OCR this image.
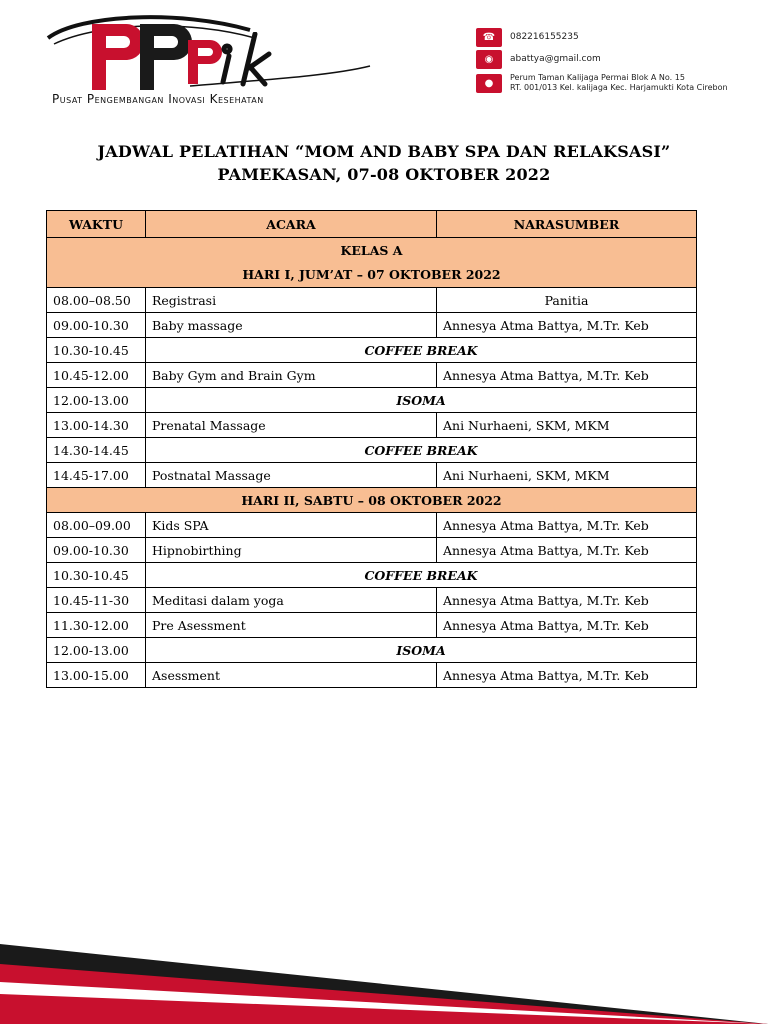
Pusat Pengembangan Inovasi Kesehatan
☎	082216155235
◉	abattya@gmail.com
●	Perum Taman Kalijaga Permai Blok A No. 15
RT. 001/013 Kel. kalijaga Kec. Harjamukti Kota Cirebon
JADWAL PELATIHAN “MOM AND BABY SPA DAN RELAKSASI”
PAMEKASAN, 07-08 OKTOBER 2022
WAKTU	ACARA	NARASUMBER
KELAS A		
HARI I, JUM’AT – 07 OKTOBER 2022		
08.00–08.50	Registrasi	Panitia
09.00-10.30	Baby massage	Annesya Atma Battya, M.Tr. Keb
10.30-10.45	COFFEE BREAK	
10.45-12.00	Baby Gym and Brain Gym	Annesya Atma Battya, M.Tr. Keb
12.00-13.00	ISOMA	
13.00-14.30	Prenatal Massage	Ani Nurhaeni, SKM, MKM
14.30-14.45	COFFEE BREAK	
14.45-17.00	Postnatal Massage	Ani Nurhaeni, SKM, MKM
HARI II, SABTU – 08 OKTOBER 2022		
08.00–09.00	Kids SPA	Annesya Atma Battya, M.Tr. Keb
09.00-10.30	Hipnobirthing	Annesya Atma Battya, M.Tr. Keb
10.30-10.45	COFFEE BREAK	
10.45-11-30	Meditasi dalam yoga	Annesya Atma Battya, M.Tr. Keb
11.30-12.00	Pre Asessment	Annesya Atma Battya, M.Tr. Keb
12.00-13.00	ISOMA	
13.00-15.00	Asessment	Annesya Atma Battya, M.Tr. Keb
